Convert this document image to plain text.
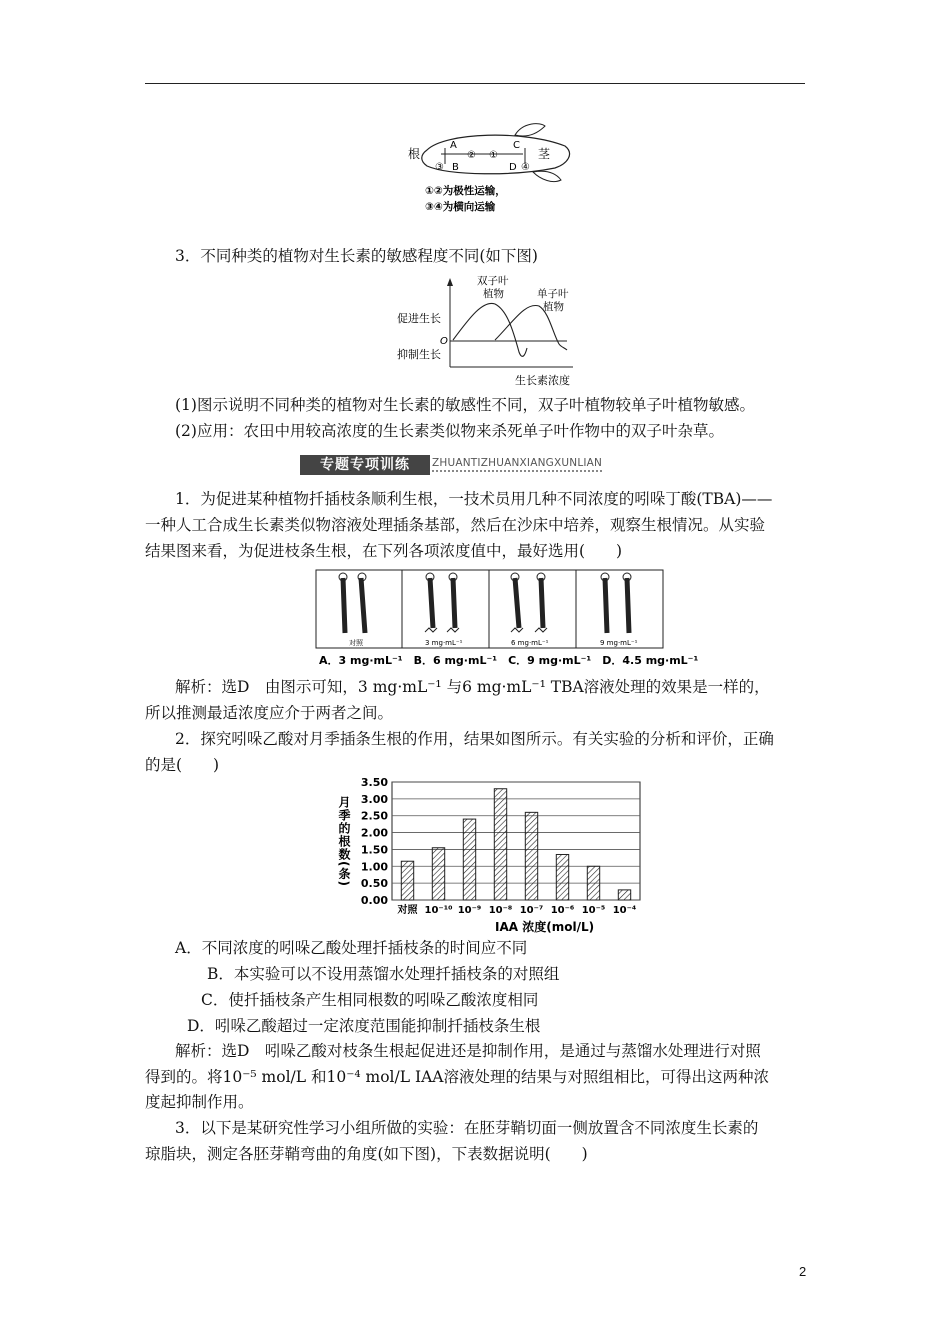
根	茎
A
B
C
D
③
② ①
④
①②为极性运输，
③④为横向运输
3．不同种类的植物对生长素的敏感程度不同(如下图)
双子叶
植物	单子叶
植物
促进生长
O
抑制生长
生长素浓度
(1)图示说明不同种类的植物对生长素的敏感性不同，双子叶植物较单子叶植物敏感。
(2)应用：农田中用较高浓度的生长素类似物来杀死单子叶作物中的双子叶杂草。
专题专项训练	ZHUANTIZHUANXIANGXUNLIAN
1．为促进某种植物扦插枝条顺利生根，一技术员用几种不同浓度的吲哚丁酸(TBA)——
一种人工合成生长素类似物溶液处理插条基部，然后在沙床中培养，观察生根情况。从实验
结果图来看，为促进枝条生根，在下列各项浓度值中，最好选用(　　)
对照	3 mg·mL⁻¹	6 mg·mL⁻¹	9 mg·mL⁻¹
A．3 mg·mL⁻¹　B．6 mg·mL⁻¹　C．9 mg·mL⁻¹　D．4.5 mg·mL⁻¹
解析：选D　由图示可知，3 mg·mL⁻¹ 与6 mg·mL⁻¹ TBA溶液处理的效果是一样的，
所以推测最适浓度应介于两者之间。
2．探究吲哚乙酸对月季插条生根的作用，结果如图所示。有关实验的分析和评价，正确
的是(　　)
月季的根数(条)
0.00
0.50
1.00
1.50
2.00
2.50
3.00
3.50
对照 10⁻¹⁰ 10⁻⁹ 10⁻⁸ 10⁻⁷ 10⁻⁶ 10⁻⁵ 10⁻⁴
IAA 浓度(mol/L)
A．不同浓度的吲哚乙酸处理扦插枝条的时间应不同
B．本实验可以不设用蒸馏水处理扦插枝条的对照组
C．使扦插枝条产生相同根数的吲哚乙酸浓度相同
D．吲哚乙酸超过一定浓度范围能抑制扦插枝条生根
解析：选D　吲哚乙酸对枝条生根起促进还是抑制作用，是通过与蒸馏水处理进行对照
得到的。将10⁻⁵ mol/L 和10⁻⁴ mol/L IAA溶液处理的结果与对照组相比，可得出这两种浓
度起抑制作用。
3．以下是某研究性学习小组所做的实验：在胚芽鞘切面一侧放置含不同浓度生长素的
琼脂块，测定各胚芽鞘弯曲的角度(如下图)，下表数据说明(　　)
2
